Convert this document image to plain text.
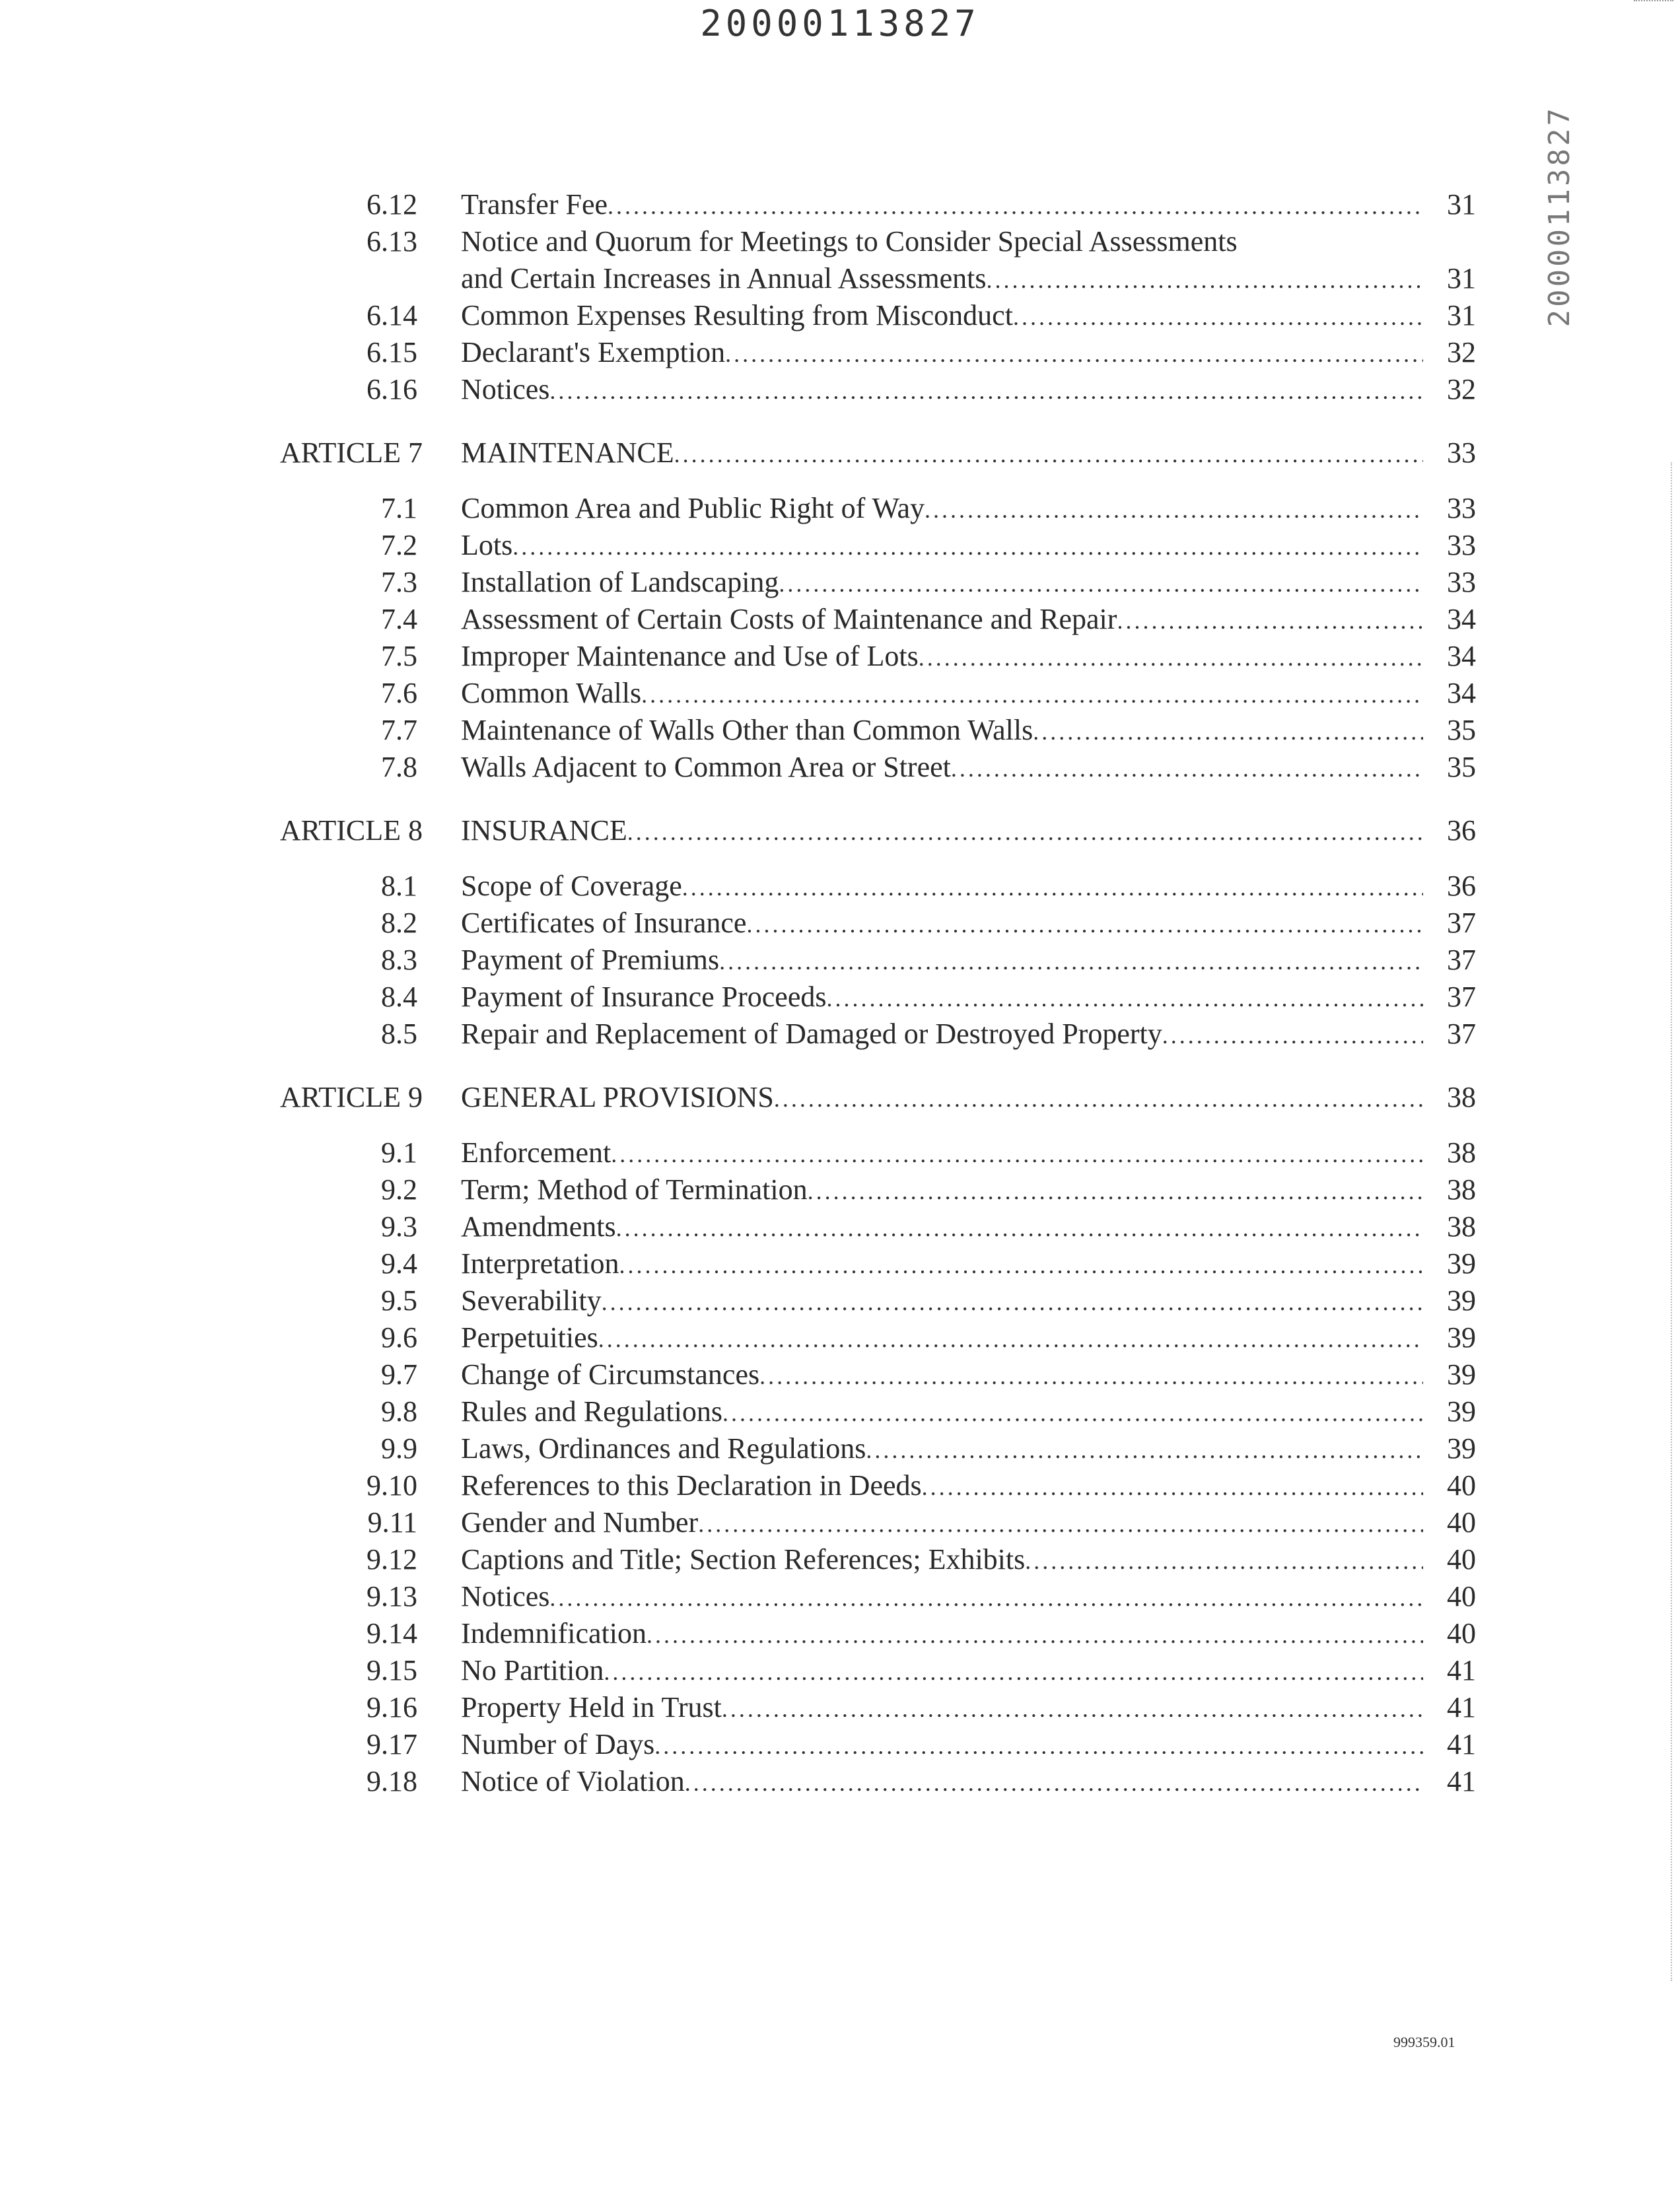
20000113827
20000113827
6.12 Transfer Fee .....	31
6.13 Notice and Quorum for Meetings to Consider Special Assessments
and Certain Increases in Annual Assessments .....	31
6.14 Common Expenses Resulting from Misconduct .....	31
6.15 Declarant's Exemption .....	32
6.16 Notices .....	32
ARTICLE 7 MAINTENANCE .....	33
7.1 Common Area and Public Right of Way .....	33
7.2 Lots .....	33
7.3 Installation of Landscaping .....	33
7.4 Assessment of Certain Costs of Maintenance and Repair .....	34
7.5 Improper Maintenance and Use of Lots .....	34
7.6 Common Walls .....	34
7.7 Maintenance of Walls Other than Common Walls .....	35
7.8 Walls Adjacent to Common Area or Street .....	35
ARTICLE 8 INSURANCE .....	36
8.1 Scope of Coverage .....	36
8.2 Certificates of Insurance .....	37
8.3 Payment of Premiums .....	37
8.4 Payment of Insurance Proceeds .....	37
8.5 Repair and Replacement of Damaged or Destroyed Property .....	37
ARTICLE 9 GENERAL PROVISIONS .....	38
9.1 Enforcement .....	38
9.2 Term; Method of Termination .....	38
9.3 Amendments .....	38
9.4 Interpretation .....	39
9.5 Severability .....	39
9.6 Perpetuities .....	39
9.7 Change of Circumstances .....	39
9.8 Rules and Regulations .....	39
9.9 Laws, Ordinances and Regulations .....	39
9.10 References to this Declaration in Deeds .....	40
9.11 Gender and Number .....	40
9.12 Captions and Title; Section References; Exhibits .....	40
9.13 Notices .....	40
9.14 Indemnification .....	40
9.15 No Partition .....	41
9.16 Property Held in Trust .....	41
9.17 Number of Days .....	41
9.18 Notice of Violation .....	41
999359.01
